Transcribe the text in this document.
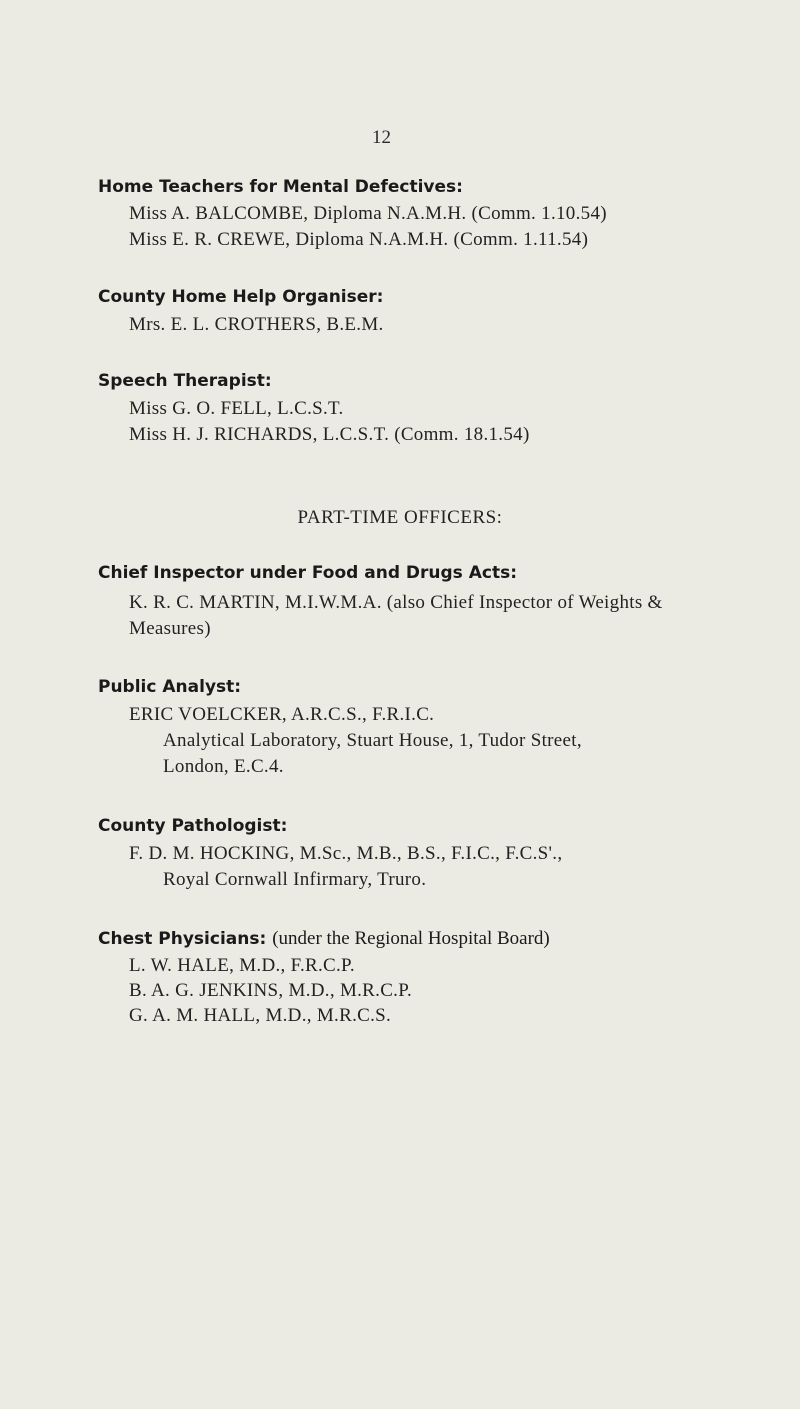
12
Home Teachers for Mental Defectives:
Miss A. BALCOMBE, Diploma N.A.M.H. (Comm. 1.10.54)
Miss E. R. CREWE, Diploma N.A.M.H. (Comm. 1.11.54)
County Home Help Organiser:
Mrs. E. L. CROTHERS, B.E.M.
Speech Therapist:
Miss G. O. FELL, L.C.S.T.
Miss H. J. RICHARDS, L.C.S.T. (Comm. 18.1.54)
PART-TIME OFFICERS:
Chief Inspector under Food and Drugs Acts:
K. R. C. MARTIN, M.I.W.M.A. (also Chief Inspector of Weights &
Measures)
Public Analyst:
ERIC VOELCKER, A.R.C.S., F.R.I.C.
Analytical Laboratory, Stuart House, 1, Tudor Street,
London, E.C.4.
County Pathologist:
F. D. M. HOCKING, M.Sc., M.B., B.S., F.I.C., F.C.S'.,
Royal Cornwall Infirmary, Truro.
Chest Physicians: (under the Regional Hospital Board)
L. W. HALE, M.D., F.R.C.P.
B. A. G. JENKINS, M.D., M.R.C.P.
G. A. M. HALL, M.D., M.R.C.S.
